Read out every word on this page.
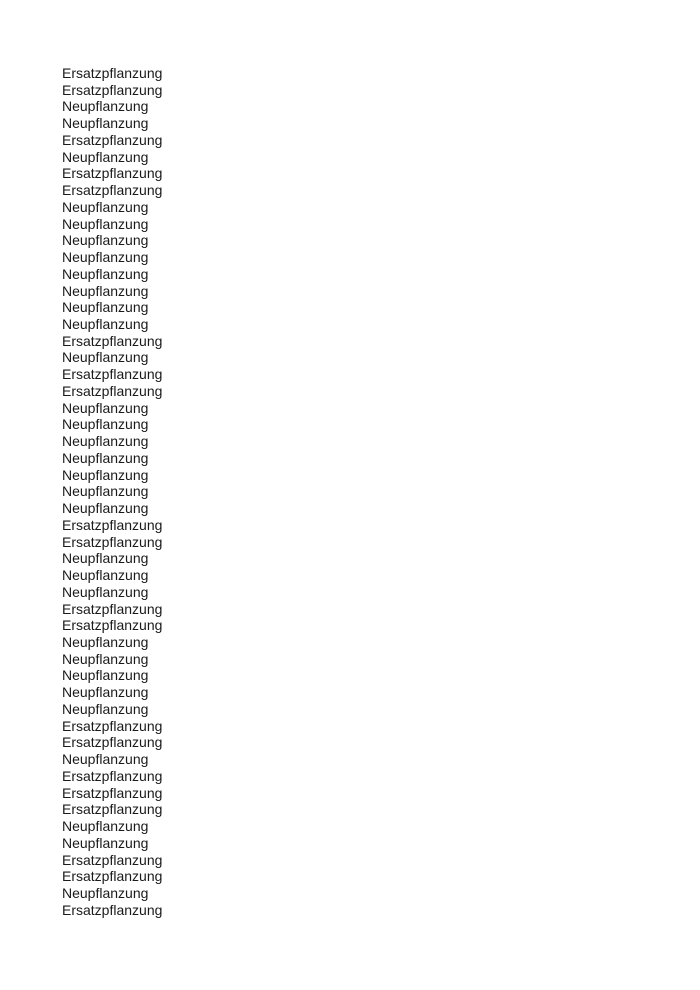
Ersatzpflanzung
Ersatzpflanzung
Neupflanzung
Neupflanzung
Ersatzpflanzung
Neupflanzung
Ersatzpflanzung
Ersatzpflanzung
Neupflanzung
Neupflanzung
Neupflanzung
Neupflanzung
Neupflanzung
Neupflanzung
Neupflanzung
Neupflanzung
Ersatzpflanzung
Neupflanzung
Ersatzpflanzung
Ersatzpflanzung
Neupflanzung
Neupflanzung
Neupflanzung
Neupflanzung
Neupflanzung
Neupflanzung
Neupflanzung
Ersatzpflanzung
Ersatzpflanzung
Neupflanzung
Neupflanzung
Neupflanzung
Ersatzpflanzung
Ersatzpflanzung
Neupflanzung
Neupflanzung
Neupflanzung
Neupflanzung
Neupflanzung
Ersatzpflanzung
Ersatzpflanzung
Neupflanzung
Ersatzpflanzung
Ersatzpflanzung
Ersatzpflanzung
Neupflanzung
Neupflanzung
Ersatzpflanzung
Ersatzpflanzung
Neupflanzung
Ersatzpflanzung
